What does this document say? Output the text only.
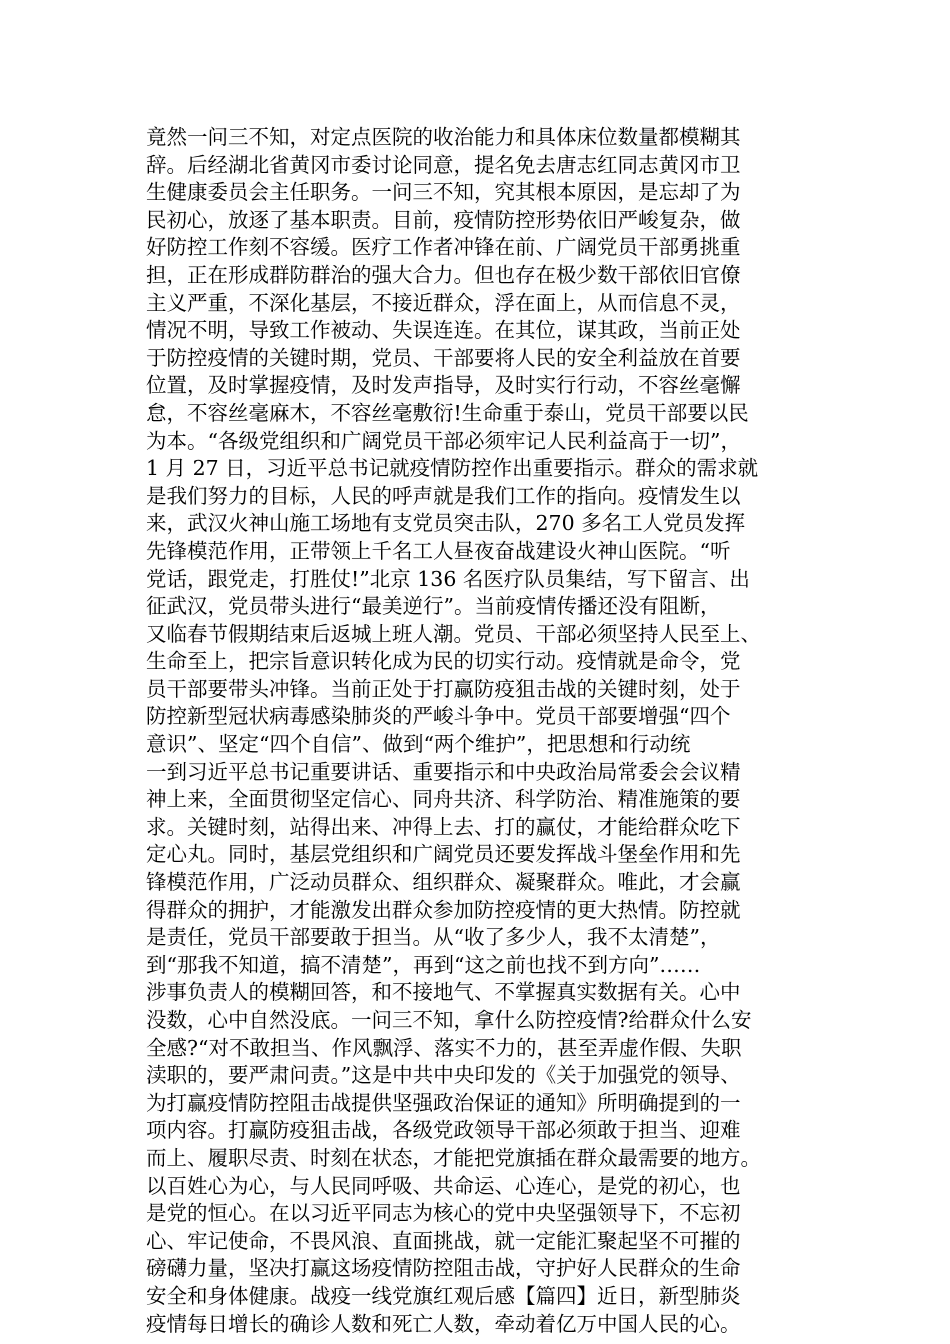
竟然一问三不知，对定点医院的收治能力和具体床位数量都模糊其
辞。后经湖北省黄冈市委讨论同意，提名免去唐志红同志黄冈市卫
生健康委员会主任职务。一问三不知，究其根本原因，是忘却了为
民初心，放逐了基本职责。目前，疫情防控形势依旧严峻复杂，做
好防控工作刻不容缓。医疗工作者冲锋在前、广阔党员干部勇挑重
担，正在形成群防群治的强大合力。但也存在极少数干部依旧官僚
主义严重，不深化基层，不接近群众，浮在面上，从而信息不灵，
情况不明，导致工作被动、失误连连。在其位，谋其政，当前正处
于防控疫情的关键时期，党员、干部要将人民的安全利益放在首要
位置，及时掌握疫情，及时发声指导，及时实行行动，不容丝毫懈
怠，不容丝毫麻木，不容丝毫敷衍!生命重于泰山，党员干部要以民
为本。“各级党组织和广阔党员干部必须牢记人民利益高于一切”，
1 月 27 日，习近平总书记就疫情防控作出重要指示。群众的需求就
是我们努力的目标，人民的呼声就是我们工作的指向。疫情发生以
来，武汉火神山施工场地有支党员突击队，270 多名工人党员发挥
先锋模范作用，正带领上千名工人昼夜奋战建设火神山医院。“听
党话，跟党走，打胜仗!”北京 136 名医疗队员集结，写下留言、出
征武汉，党员带头进行“最美逆行”。当前疫情传播还没有阻断，
又临春节假期结束后返城上班人潮。党员、干部必须坚持人民至上、
生命至上，把宗旨意识转化成为民的切实行动。疫情就是命令，党
员干部要带头冲锋。当前正处于打赢防疫狙击战的关键时刻，处于
防控新型冠状病毒感染肺炎的严峻斗争中。党员干部要增强“四个
意识”、坚定“四个自信”、做到“两个维护”，把思想和行动统
一到习近平总书记重要讲话、重要指示和中央政治局常委会会议精
神上来，全面贯彻坚定信心、同舟共济、科学防治、精准施策的要
求。关键时刻，站得出来、冲得上去、打的赢仗，才能给群众吃下
定心丸。同时，基层党组织和广阔党员还要发挥战斗堡垒作用和先
锋模范作用，广泛动员群众、组织群众、凝聚群众。唯此，才会赢
得群众的拥护，才能激发出群众参加防控疫情的更大热情。防控就
是责任，党员干部要敢于担当。从“收了多少人，我不太清楚”，
到“那我不知道，搞不清楚”，再到“这之前也找不到方向”……
涉事负责人的模糊回答，和不接地气、不掌握真实数据有关。心中
没数，心中自然没底。一问三不知，拿什么防控疫情?给群众什么安
全感?“对不敢担当、作风飘浮、落实不力的，甚至弄虚作假、失职
渎职的，要严肃问责。”这是中共中央印发的《关于加强党的领导、
为打赢疫情防控阻击战提供坚强政治保证的通知》所明确提到的一
项内容。打赢防疫狙击战，各级党政领导干部必须敢于担当、迎难
而上、履职尽责、时刻在状态，才能把党旗插在群众最需要的地方。
以百姓心为心，与人民同呼吸、共命运、心连心，是党的初心，也
是党的恒心。在以习近平同志为核心的党中央坚强领导下，不忘初
心、牢记使命，不畏风浪、直面挑战，就一定能汇聚起坚不可摧的
磅礴力量，坚决打赢这场疫情防控阻击战，守护好人民群众的生命
安全和身体健康。战疫一线党旗红观后感【篇四】近日，新型肺炎
疫情每日增长的确诊人数和死亡人数，牵动着亿万中国人民的心。
